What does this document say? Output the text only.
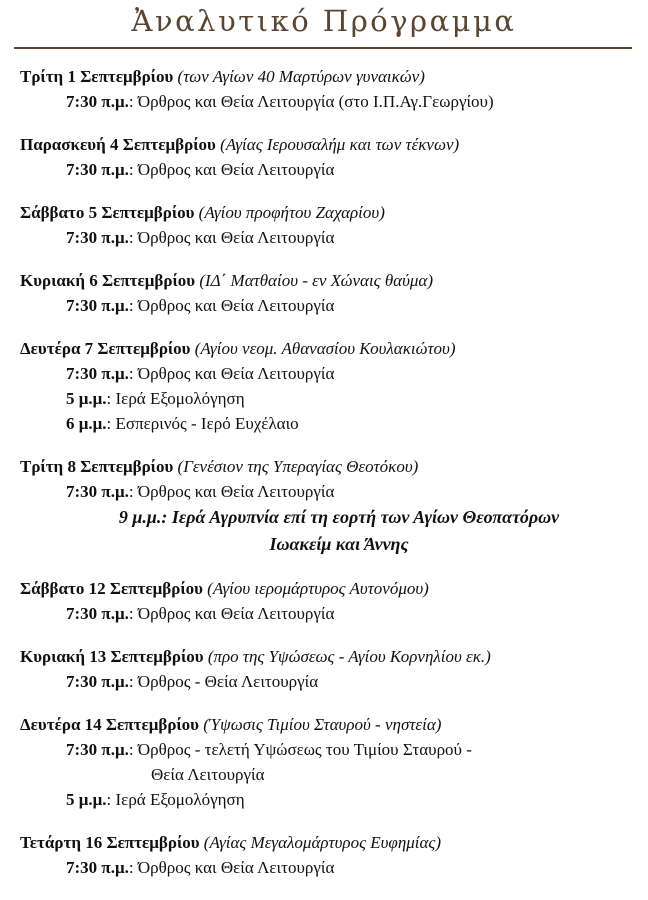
Ἀναλυτικό Πρόγραμμα
Τρίτη 1 Σεπτεμβρίου (των Αγίων 40 Μαρτύρων γυναικών)
7:30 π.μ.: Όρθρος και Θεία Λειτουργία (στο Ι.Π.Αγ.Γεωργίου)
Παρασκευή 4 Σεπτεμβρίου (Αγίας Ιερουσαλήμ και των τέκνων)
7:30 π.μ.: Όρθρος και Θεία Λειτουργία
Σάββατο 5 Σεπτεμβρίου (Αγίου προφήτου Ζαχαρίου)
7:30 π.μ.: Όρθρος και Θεία Λειτουργία
Κυριακή 6 Σεπτεμβρίου (ΙΔ΄ Ματθαίου - εν Χώναις θαύμα)
7:30 π.μ.: Όρθρος και Θεία Λειτουργία
Δευτέρα 7 Σεπτεμβρίου (Αγίου νεομ. Αθανασίου Κουλακιώτου)
7:30 π.μ.: Όρθρος και Θεία Λειτουργία
5 μ.μ.: Ιερά Εξομολόγηση
6 μ.μ.: Εσπερινός - Ιερό Ευχέλαιο
Τρίτη 8 Σεπτεμβρίου (Γενέσιον της Υπεραγίας Θεοτόκου)
7:30 π.μ.: Όρθρος και Θεία Λειτουργία
9 μ.μ.: Ιερά Αγρυπνία επί τη εορτή των Αγίων Θεοπατόρων
Ιωακείμ και Άννης
Σάββατο 12 Σεπτεμβρίου (Αγίου ιερομάρτυρος Αυτονόμου)
7:30 π.μ.: Όρθρος και Θεία Λειτουργία
Κυριακή 13 Σεπτεμβρίου (προ της Υψώσεως - Αγίου Κορνηλίου εκ.)
7:30 π.μ.: Όρθρος - Θεία Λειτουργία
Δευτέρα 14 Σεπτεμβρίου (Ύψωσις Τιμίου Σταυρού - νηστεία)
7:30 π.μ.: Όρθρος - τελετή Υψώσεως του Τιμίου Σταυρού -
Θεία Λειτουργία
5 μ.μ.: Ιερά Εξομολόγηση
Τετάρτη 16 Σεπτεμβρίου (Αγίας Μεγαλομάρτυρος Ευφημίας)
7:30 π.μ.: Όρθρος και Θεία Λειτουργία
